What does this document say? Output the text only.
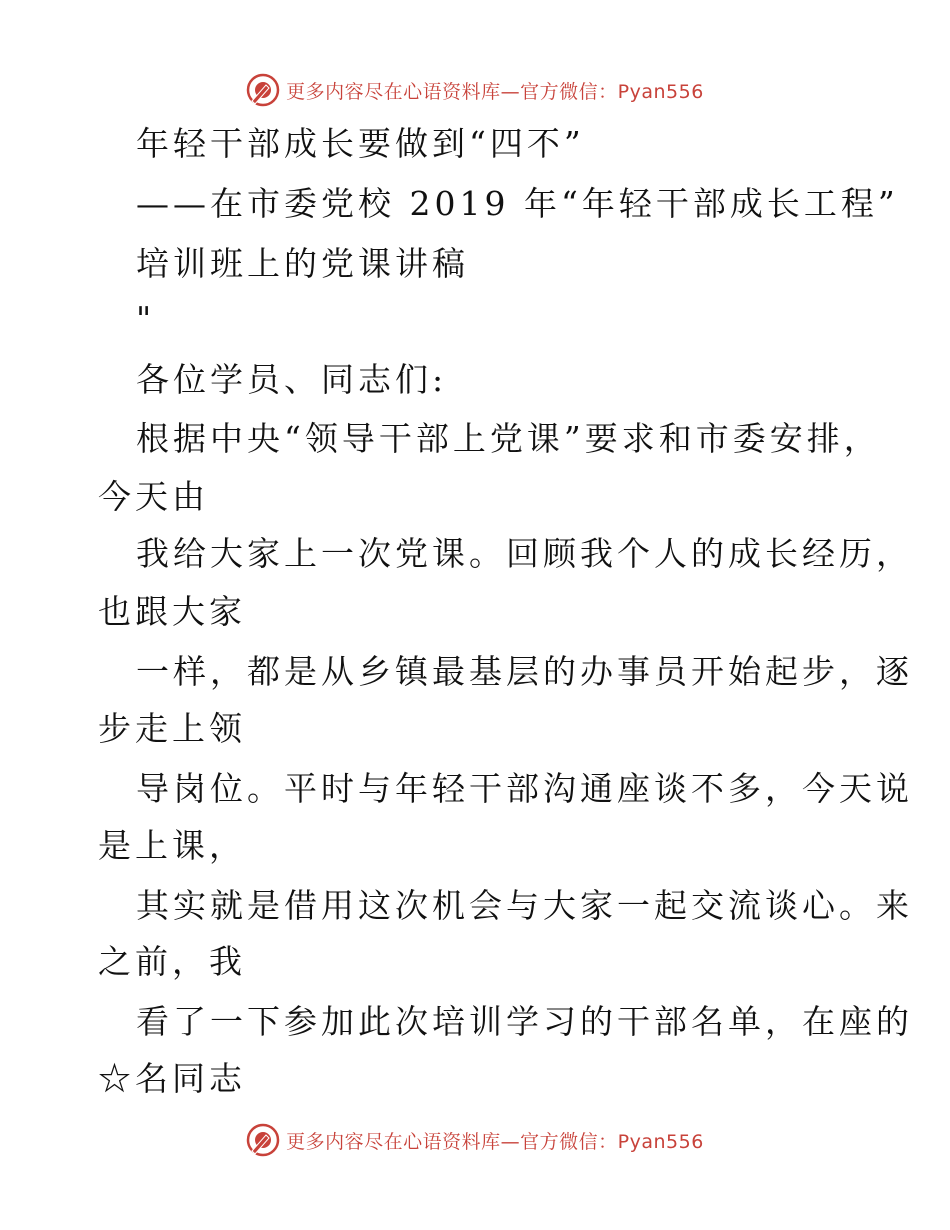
更多内容尽在心语资料库—官方微信：Pyan556
年轻干部成长要做到“四不”
——在市委党校 2019 年“年轻干部成长工程”
培训班上的党课讲稿
"
各位学员、同志们:
根据中央“领导干部上党课”要求和市委安排，
今天由
我给大家上一次党课。回顾我个人的成长经历，
也跟大家
一样，都是从乡镇最基层的办事员开始起步，逐
步走上领
导岗位。平时与年轻干部沟通座谈不多，今天说
是上课，
其实就是借用这次机会与大家一起交流谈心。来
之前，我
看了一下参加此次培训学习的干部名单，在座的
☆名同志
更多内容尽在心语资料库—官方微信：Pyan556
